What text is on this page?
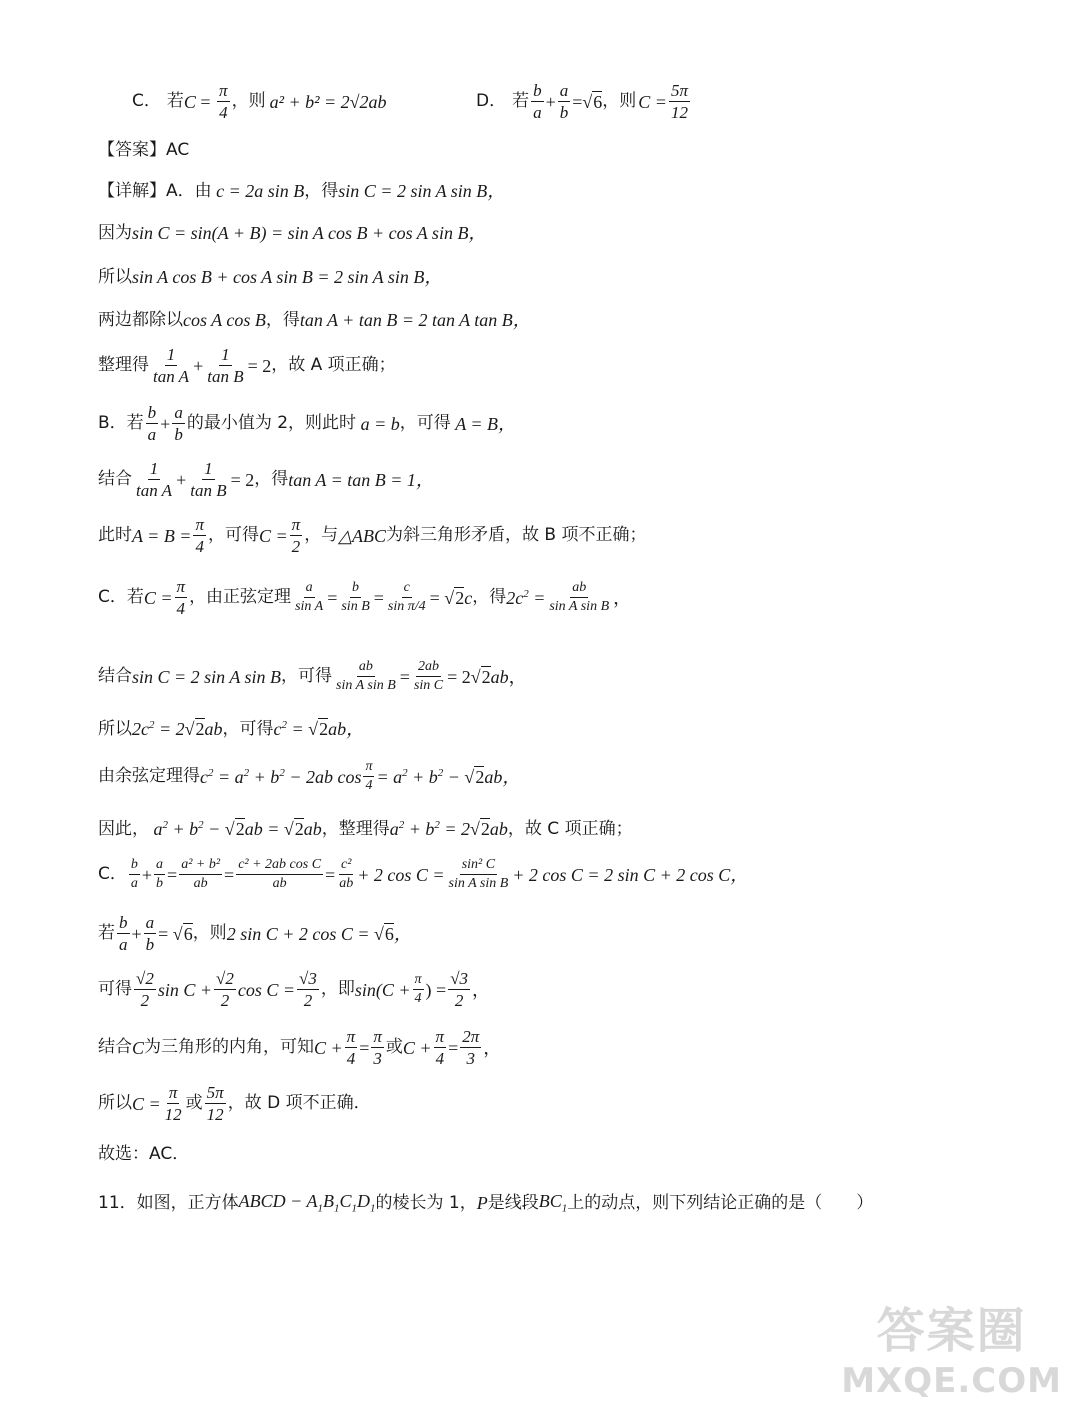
C． 若 $C = \frac{\pi}{4}$ ，则 a² + b² = 2√2ab	D． 若 $\frac{b}{a} + \frac{a}{b} =√6$ ，则 $C = \frac{5\pi}{12}$
【答案】 AC
【详解】 A．由 c = 2a sin B ，得 sin C = 2 sin A sin B，
因为 sin C = sin(A + B) = sin A cos B + cos A sin B，
所以 sin A cos B + cos A sin B = 2 sin A sin B，
两边都除以 cos A cos B ，得 tan A + tan B = 2 tan A tan B，
整理得 $\frac{1}{\text{tan A}} + \frac{1}{\text{tan B}} = 2$ ，故 A 项正确；
B．若 $\frac{b}{a} + \frac{a}{b}$ 的最小值为 2，则此时 a = b ，可得 A = B，
结合 $\frac{1}{\text{tan A}} + \frac{1}{\text{tan B}} = 2$ ，得 tan A = tan B = 1，
此时 $A = B = \frac{\pi}{4}$ ，可得 $C = \frac{\pi}{2}$ ，与 △ABC 为斜三角形矛盾，故 B 项不正确；
C．若 $C = \frac{\pi}{4}$ ，由正弦定理 $\frac{a}{\text{sin A}} = \frac{b}{\text{sin B}} = \frac{c}{\text{sin π/4}} = √2c$ ，得 $2c^2 = \frac{ab}{\text{sin A sin B}}$ ，
结合 sin C = 2 sin A sin B ，可得 $\frac{ab}{\text{sin A sin B}} = \frac{2ab}{\text{sin C}} = 2√2ab$，
所以 $2c^2 = 2√2ab$ ，可得 $c^2 = √2ab$，
由余弦定理得 $c^2 = a^2 + b^2 - 2ab$ $\cos \frac{\pi}{4} = a^2 + b^2 - √2ab$，
因此， $a^2 + b^2 - √2ab = √2ab$ ，整理得 $a^2 + b^2 = 2√2ab$ ，故 C 项正确；
C． $\frac{b}{a} + \frac{a}{b} = \frac{\text{a² + b²}}{ab} = \frac{\text{c² + 2ab cos C}}{ab} = \frac{\text{c²}}{ab} + 2$ $\cos C = \frac{\text{sin² C}}{\text{sin A sin B}} + 2$ cos C = 2 sin C + 2 cos C，
若 $\frac{b}{a} + \frac{a}{b} = √6$ ，则 2 sin C + 2 cos C = √6，
可得 $\frac{√2}{2}$ $\sin C + \frac{√2}{2}$ $\cos C = \frac{√3}{2}$ ，即 $\sin(C + \frac{\pi}{4}$ ) = $\frac{√3}{2}$ ，
结合 C 为三角形的内角，可知 $C + \frac{\pi}{4} = \frac{\pi}{3}$ 或 $C + \frac{\pi}{4} = \frac{2\pi}{3}$ ，
所以 $C = \frac{\pi}{12}$ 或 $\frac{5\pi}{12}$ ，故 D 项不正确．
故选：AC．
11．如图，正方体 ABCD − $A_1B_1C_1D_1$ 的棱长为 1， P 是线段 $BC_1$ 上的动点，则下列结论正确的是（　　）
答案圈
MXQE.COM
